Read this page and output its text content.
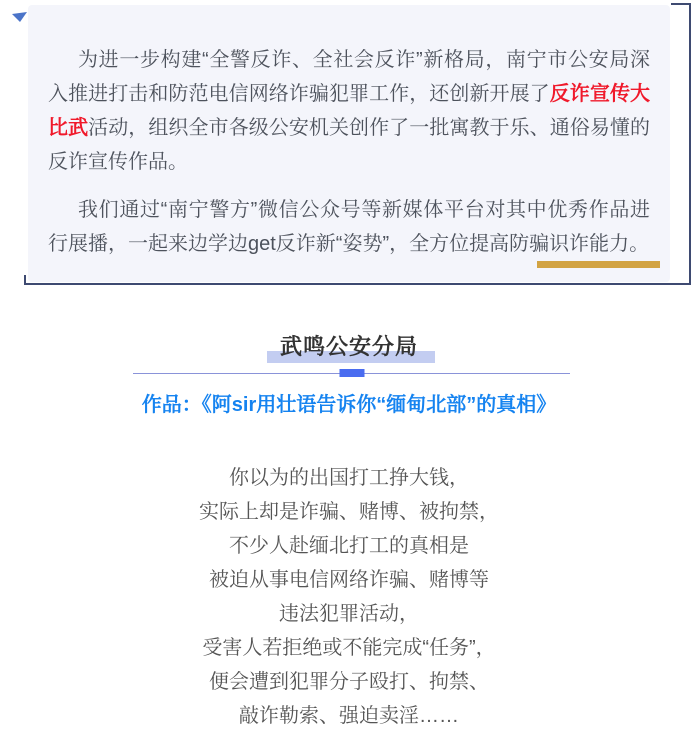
为进一步构建“全警反诈、全社会反诈”新格局，南宁市公安局深入推进打击和防范电信网络诈骗犯罪工作，还创新开展了反诈宣传大比武活动，组织全市各级公安机关创作了一批寓教于乐、通俗易懂的反诈宣传作品。

我们通过“南宁警方”微信公众号等新媒体平台对其中优秀作品进行展播，一起来边学边get反诈新“姿势”，全方位提高防骗识诈能力。

武鸣公安分局
作品：《阿sir用壮语告诉你“缅甸北部”的真相》
你以为的出国打工挣大钱，
实际上却是诈骗、赌博、被拘禁，
不少人赴缅北打工的真相是
被迫从事电信网络诈骗、赌博等
违法犯罪活动，
受害人若拒绝或不能完成“任务”，
便会遭到犯罪分子殴打、拘禁、
敲诈勒索、强迫卖淫……
